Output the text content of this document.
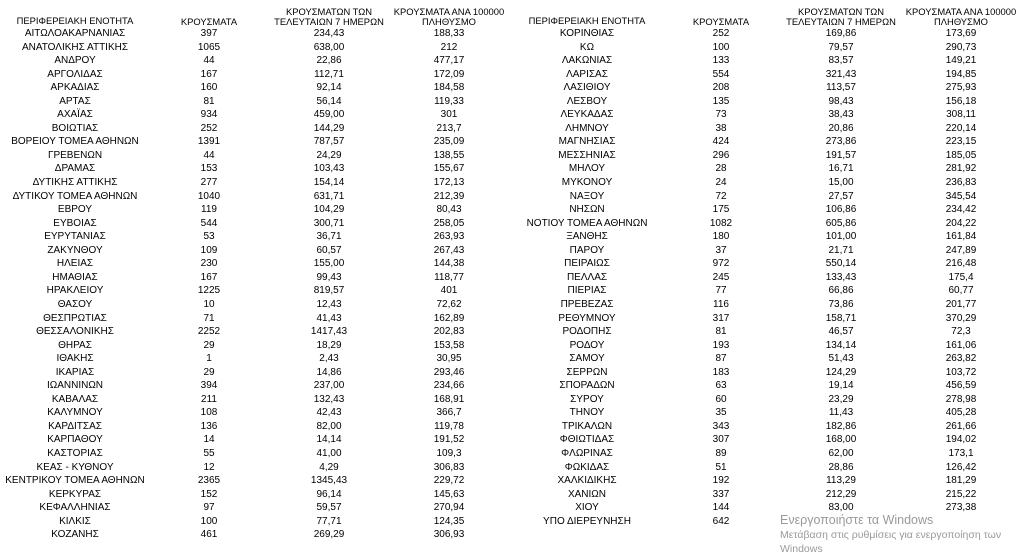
ΠΕΡΙΦΕΡΕΙΑΚΗ ΕΝΟΤΗΤΑ	ΚΡΟΥΣΜΑΤΑ
ΚΡΟΥΣΜΑΤΩΝ ΤΩΝ
ΤΕΛΕΥΤΑΙΩΝ 7 ΗΜΕΡΩΝ
ΚΡΟΥΣΜΑΤΑ ΑΝΑ 100000
ΠΛΗΘΥΣΜΟ
ΑΙΤΩΛΟΑΚΑΡΝΑΝΙΑΣ	397	234,43	188,33
ΑΝΑΤΟΛΙΚΗΣ ΑΤΤΙΚΗΣ	1065	638,00	212
ΑΝΔΡΟΥ	44	22,86	477,17
ΑΡΓΟΛΙΔΑΣ	167	112,71	172,09
ΑΡΚΑΔΙΑΣ	160	92,14	184,58
ΑΡΤΑΣ	81	56,14	119,33
ΑΧΑΪΑΣ	934	459,00	301
ΒΟΙΩΤΙΑΣ	252	144,29	213,7
ΒΟΡΕΙΟΥ ΤΟΜΕΑ ΑΘΗΝΩΝ	1391	787,57	235,09
ΓΡΕΒΕΝΩΝ	44	24,29	138,55
ΔΡΑΜΑΣ	153	103,43	155,67
ΔΥΤΙΚΗΣ ΑΤΤΙΚΗΣ	277	154,14	172,13
ΔΥΤΙΚΟΥ ΤΟΜΕΑ ΑΘΗΝΩΝ	1040	631,71	212,39
ΕΒΡΟΥ	119	104,29	80,43
ΕΥΒΟΙΑΣ	544	300,71	258,05
ΕΥΡΥΤΑΝΙΑΣ	53	36,71	263,93
ΖΑΚΥΝΘΟΥ	109	60,57	267,43
ΗΛΕΙΑΣ	230	155,00	144,38
ΗΜΑΘΙΑΣ	167	99,43	118,77
ΗΡΑΚΛΕΙΟΥ	1225	819,57	401
ΘΑΣΟΥ	10	12,43	72,62
ΘΕΣΠΡΩΤΙΑΣ	71	41,43	162,89
ΘΕΣΣΑΛΟΝΙΚΗΣ	2252	1417,43	202,83
ΘΗΡΑΣ	29	18,29	153,58
ΙΘΑΚΗΣ	1	2,43	30,95
ΙΚΑΡΙΑΣ	29	14,86	293,46
ΙΩΑΝΝΙΝΩΝ	394	237,00	234,66
ΚΑΒΑΛΑΣ	211	132,43	168,91
ΚΑΛΥΜΝΟΥ	108	42,43	366,7
ΚΑΡΔΙΤΣΑΣ	136	82,00	119,78
ΚΑΡΠΑΘΟΥ	14	14,14	191,52
ΚΑΣΤΟΡΙΑΣ	55	41,00	109,3
ΚΕΑΣ - ΚΥΘΝΟΥ	12	4,29	306,83
ΚΕΝΤΡΙΚΟΥ ΤΟΜΕΑ ΑΘΗΝΩΝ	2365	1345,43	229,72
ΚΕΡΚΥΡΑΣ	152	96,14	145,63
ΚΕΦΑΛΛΗΝΙΑΣ	97	59,57	270,94
ΚΙΛΚΙΣ	100	77,71	124,35
ΚΟΖΑΝΗΣ	461	269,29	306,93
ΠΕΡΙΦΕΡΕΙΑΚΗ ΕΝΟΤΗΤΑ	ΚΡΟΥΣΜΑΤΑ
ΚΡΟΥΣΜΑΤΩΝ ΤΩΝ
ΤΕΛΕΥΤΑΙΩΝ 7 ΗΜΕΡΩΝ
ΚΡΟΥΣΜΑΤΑ ΑΝΑ 100000
ΠΛΗΘΥΣΜΟ
ΚΟΡΙΝΘΙΑΣ	252	169,86	173,69
ΚΩ	100	79,57	290,73
ΛΑΚΩΝΙΑΣ	133	83,57	149,21
ΛΑΡΙΣΑΣ	554	321,43	194,85
ΛΑΣΙΘΙΟΥ	208	113,57	275,93
ΛΕΣΒΟΥ	135	98,43	156,18
ΛΕΥΚΑΔΑΣ	73	38,43	308,11
ΛΗΜΝΟΥ	38	20,86	220,14
ΜΑΓΝΗΣΙΑΣ	424	273,86	223,15
ΜΕΣΣΗΝΙΑΣ	296	191,57	185,05
ΜΗΛΟΥ	28	16,71	281,92
ΜΥΚΟΝΟΥ	24	15,00	236,83
ΝΑΞΟΥ	72	27,57	345,54
ΝΗΣΩΝ	175	106,86	234,42
ΝΟΤΙΟΥ ΤΟΜΕΑ ΑΘΗΝΩΝ	1082	605,86	204,22
ΞΑΝΘΗΣ	180	101,00	161,84
ΠΑΡΟΥ	37	21,71	247,89
ΠΕΙΡΑΙΩΣ	972	550,14	216,48
ΠΕΛΛΑΣ	245	133,43	175,4
ΠΙΕΡΙΑΣ	77	66,86	60,77
ΠΡΕΒΕΖΑΣ	116	73,86	201,77
ΡΕΘΥΜΝΟΥ	317	158,71	370,29
ΡΟΔΟΠΗΣ	81	46,57	72,3
ΡΟΔΟΥ	193	134,14	161,06
ΣΑΜΟΥ	87	51,43	263,82
ΣΕΡΡΩΝ	183	124,29	103,72
ΣΠΟΡΑΔΩΝ	63	19,14	456,59
ΣΥΡΟΥ	60	23,29	278,98
ΤΗΝΟΥ	35	11,43	405,28
ΤΡΙΚΑΛΩΝ	343	182,86	261,66
ΦΘΙΩΤΙΔΑΣ	307	168,00	194,02
ΦΛΩΡΙΝΑΣ	89	62,00	173,1
ΦΩΚΙΔΑΣ	51	28,86	126,42
ΧΑΛΚΙΔΙΚΗΣ	192	113,29	181,29
ΧΑΝΙΩΝ	337	212,29	215,22
ΧΙΟΥ	144	83,00	273,38
ΥΠΟ ΔΙΕΡΕΥΝΗΣΗ	642	Ενεργοποιήστε τα Windows
Μετάβαση στις ρυθμίσεις για ενεργοποίηση των Windows
